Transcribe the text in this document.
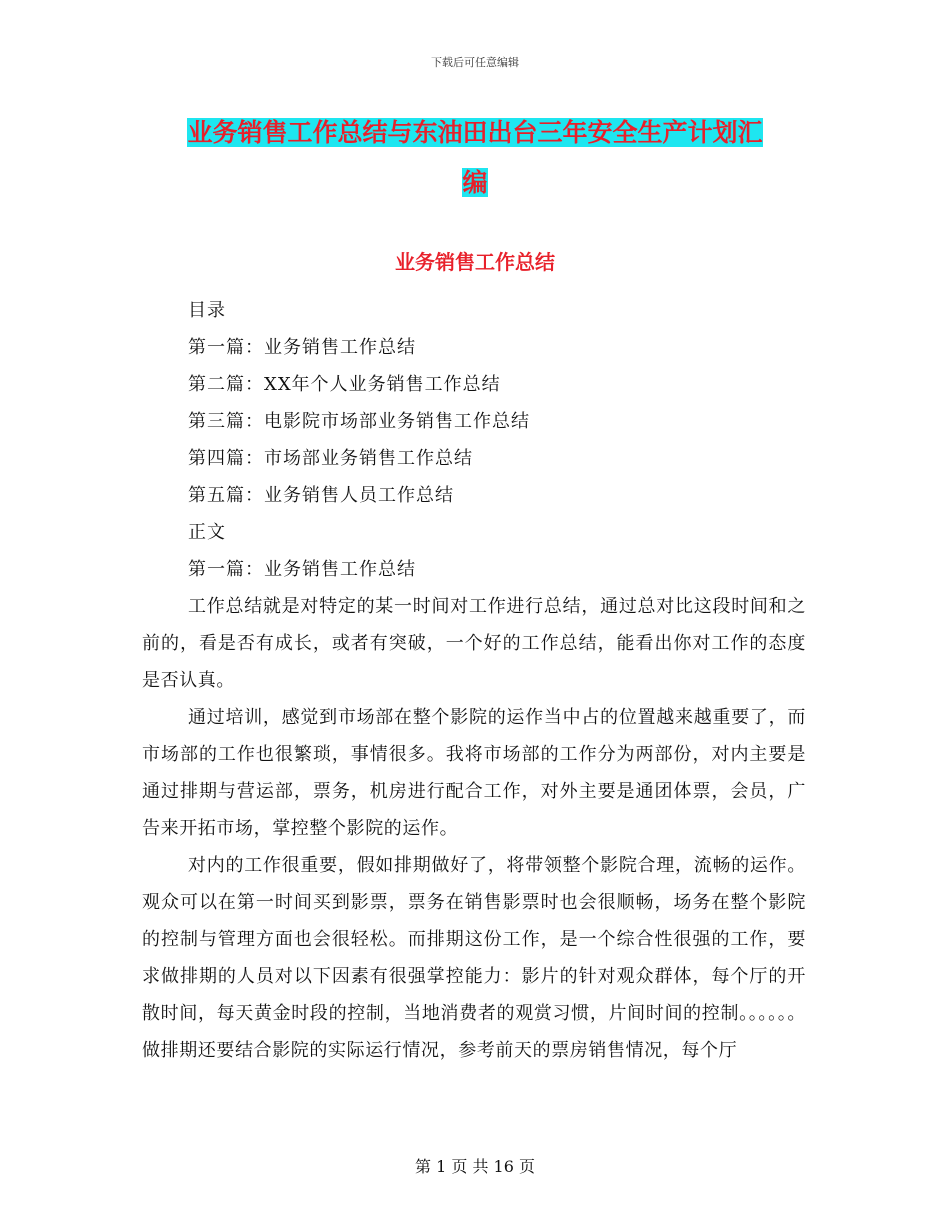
下载后可任意编辑
业务销售工作总结与东油田出台三年安全生产计划汇
编
业务销售工作总结
目录
第一篇：业务销售工作总结
第二篇：XX年个人业务销售工作总结
第三篇：电影院市场部业务销售工作总结
第四篇：市场部业务销售工作总结
第五篇：业务销售人员工作总结
正文
第一篇：业务销售工作总结

工作总结就是对特定的某一时间对工作进行总结，通过总对比这段时间和之前的，看是否有成长，或者有突破，一个好的工作总结，能看出你对工作的态度是否认真。

通过培训，感觉到市场部在整个影院的运作当中占的位置越来越重要了，而市场部的工作也很繁琐，事情很多。我将市场部的工作分为两部份，对内主要是通过排期与营运部，票务，机房进行配合工作，对外主要是通团体票，会员，广告来开拓市场，掌控整个影院的运作。

对内的工作很重要，假如排期做好了，将带领整个影院合理，流畅的运作。观众可以在第一时间买到影票，票务在销售影票时也会很顺畅，场务在整个影院的控制与管理方面也会很轻松。而排期这份工作，是一个综合性很强的工作，要求做排期的人员对以下因素有很强掌控能力：影片的针对观众群体，每个厅的开散时间，每天黄金时段的控制，当地消费者的观赏习惯，片间时间的控制。。。。。。做排期还要结合影院的实际运行情况，参考前天的票房销售情况，每个厅

第 1 页 共 16 页
